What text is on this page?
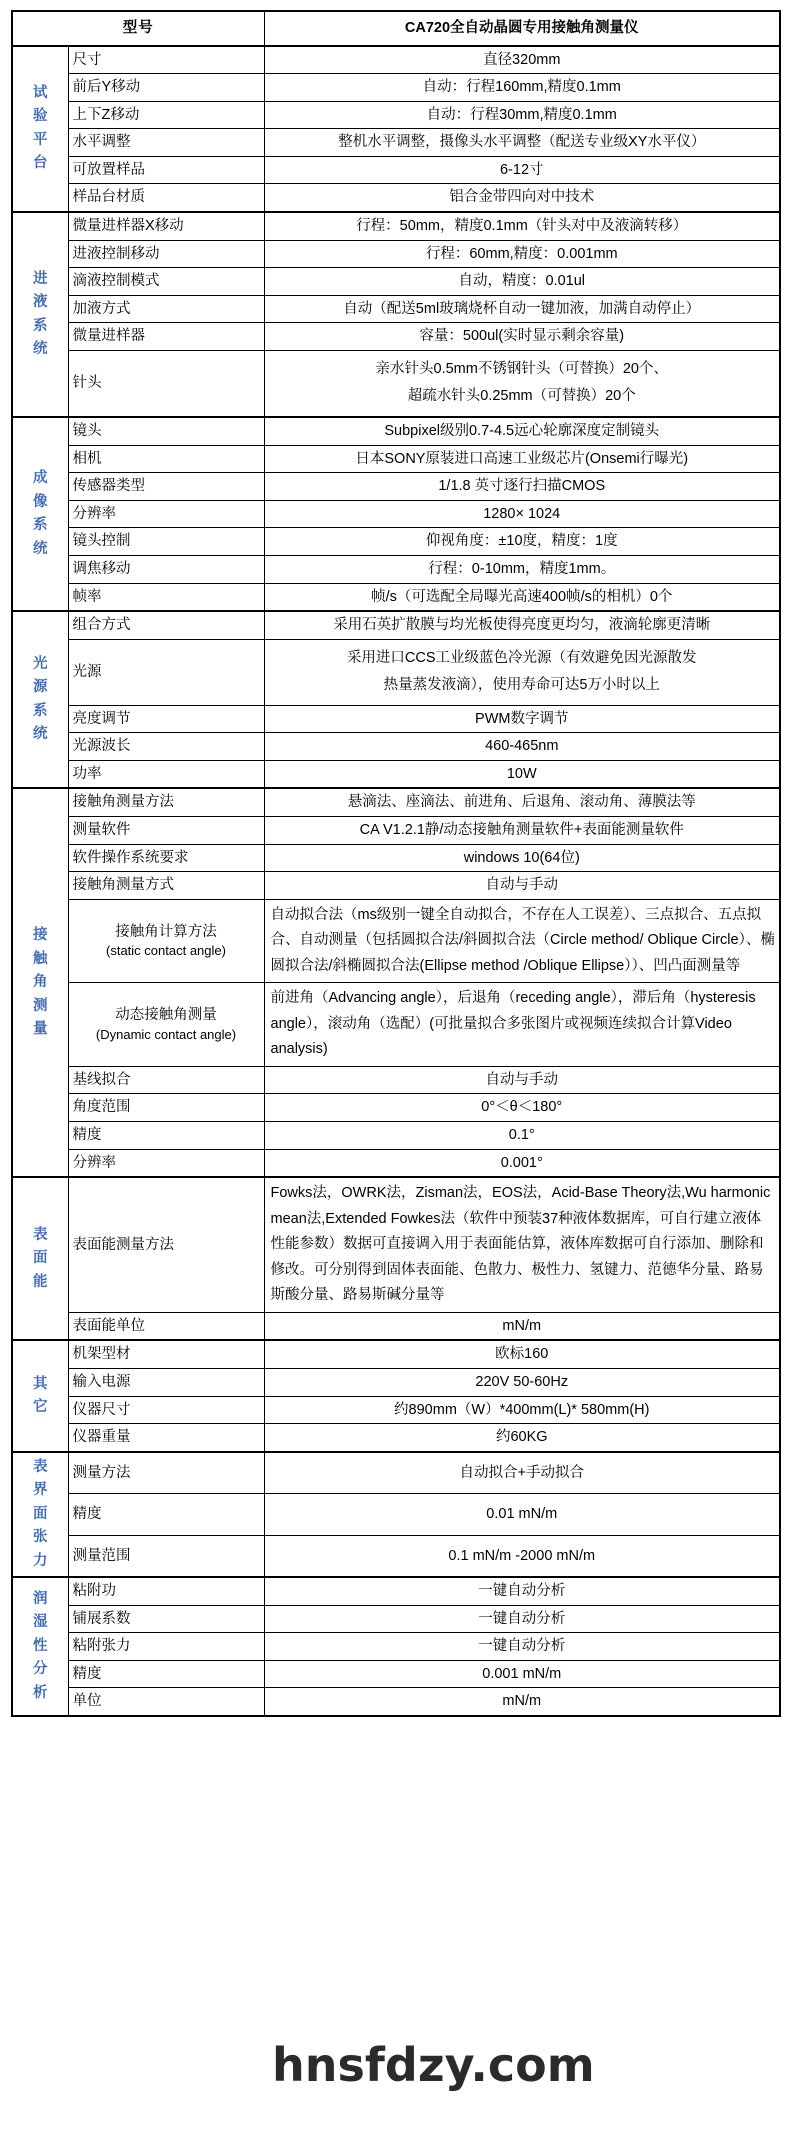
型号		CA720全自动晶圆专用接触角测量仪

试
验
平
台	尺寸	直径320mm
	前后Y移动	自动：行程160mm,精度0.1mm
	上下Z移动	自动：行程30mm,精度0.1mm
	水平调整	整机水平调整，摄像头水平调整（配送专业级XY水平仪）
	可放置样品	6-12寸
	样品台材质	铝合金带四向对中技术

进
液
系
统	微量进样器X移动	行程：50mm，精度0.1mm（针头对中及液滴转移）
	进液控制移动	行程：60mm,精度：0.001mm
	滴液控制模式	自动，精度：0.01ul
	加液方式	自动（配送5ml玻璃烧杯自动一键加液，加满自动停止）
	微量进样器	容量：500ul(实时显示剩余容量)
	针头	亲水针头0.5mm不锈钢针头（可替换）20个、
超疏水针头0.25mm（可替换）20个

成
像
系
统	镜头	Subpixel级别0.7-4.5远心轮廓深度定制镜头
	相机	日本SONY原装进口高速工业级芯片(Onsemi行曝光)
	传感器类型	1/1.8 英寸逐行扫描CMOS
	分辨率	1280× 1024
	镜头控制	仰视角度：±10度，精度：1度
	调焦移动	行程：0-10mm，精度1mm。
	帧率	帧/s（可选配全局曝光高速400帧/s的相机）0个

光
源
系
统	组合方式	采用石英扩散膜与均光板使得亮度更均匀，液滴轮廓更清晰
	光源	采用进口CCS工业级蓝色冷光源（有效避免因光源散发
热量蒸发液滴），使用寿命可达5万小时以上

	亮度调节	PWM数字调节
	光源波长	460-465nm
	功率	10W

接
触
角
测
量	接触角测量方法	悬滴法、座滴法、前进角、后退角、滚动角、薄膜法等
	测量软件	CA V1.2.1静/动态接触角测量软件+表面能测量软件
	软件操作系统要求	windows 10(64位)
	接触角测量方式	自动与手动
	接触角计算方法
(static contact angle)	自动拟合法（ms级别一键全自动拟合，不存在人工误差）、三点拟合、五点拟合、自动测量（包括圆拟合法/斜圆拟合法（Circle method/ Oblique Circle）、椭圆拟合法/斜椭圆拟合法(Ellipse method /Oblique Ellipse））、凹凸面测量等
	动态接触角测量
(Dynamic contact angle)	前进角（Advancing angle），后退角（receding angle），滞后角（hysteresis angle），滚动角（选配）(可批量拟合多张图片或视频连续拟合计算Video analysis)
	基线拟合	自动与手动
	角度范围	0°＜θ＜180°
	精度	0.1°
	分辨率	0.001°

表
面
能	表面能测量方法	Fowks法，OWRK法，Zisman法，EOS法，Acid-Base Theory法,Wu harmonic mean法,Extended Fowkes法（软件中预装37种液体数据库，可自行建立液体性能参数）数据可直接调入用于表面能估算，液体库数据可自行添加、删除和修改。可分别得到固体表面能、色散力、极性力、氢键力、范德华分量、路易斯酸分量、路易斯碱分量等
	表面能单位	mN/m

其
它	机架型材	欧标160
	输入电源	220V 50-60Hz
	仪器尺寸	约890mm（W）*400mm(L)* 580mm(H)
	仪器重量	约60KG

表
界
面
张
力	测量方法	自动拟合+手动拟合
	精度	0.01 mN/m
	测量范围	0.1 mN/m -2000 mN/m

润
湿
性
分
析	粘附功	一键自动分析
	铺展系数	一键自动分析
	粘附张力	一键自动分析
	精度	0.001 mN/m
	单位	mN/m
hnsfdzy.com
